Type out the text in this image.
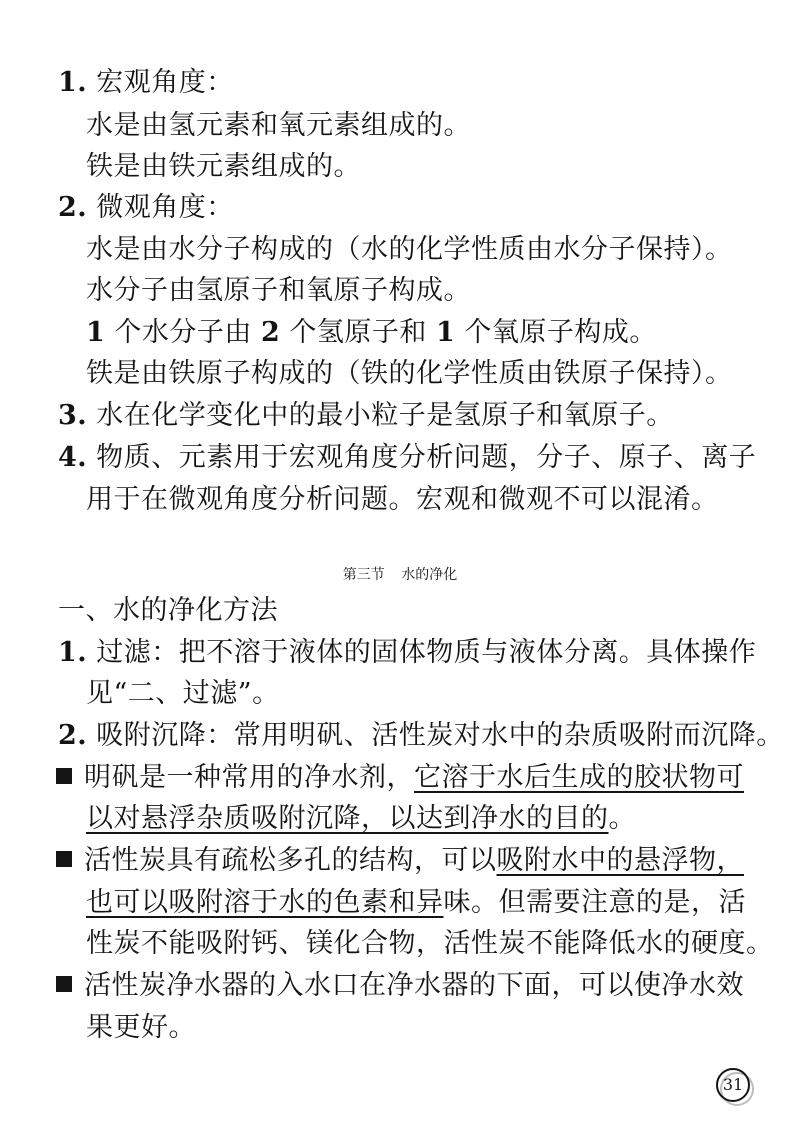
1. 宏观角度：
水是由氢元素和氧元素组成的。
铁是由铁元素组成的。
2. 微观角度：
水是由水分子构成的（水的化学性质由水分子保持）。
水分子由氢原子和氧原子构成。
1 个水分子由 2 个氢原子和 1 个氧原子构成。
铁是由铁原子构成的（铁的化学性质由铁原子保持）。
3. 水在化学变化中的最小粒子是氢原子和氧原子。
4. 物质、元素用于宏观角度分析问题，分子、原子、离子
用于在微观角度分析问题。宏观和微观不可以混淆。
第三节 水的净化
一、水的净化方法
1. 过滤：把不溶于液体的固体物质与液体分离。具体操作
见“二、过滤”。
2. 吸附沉降：常用明矾、活性炭对水中的杂质吸附而沉降。
明矾是一种常用的净水剂，它溶于水后生成的胶状物可
以对悬浮杂质吸附沉降，以达到净水的目的。
活性炭具有疏松多孔的结构，可以吸附水中的悬浮物，
也可以吸附溶于水的色素和异味。但需要注意的是，活
性炭不能吸附钙、镁化合物，活性炭不能降低水的硬度。
活性炭净水器的入水口在净水器的下面，可以使净水效
果更好。
31
